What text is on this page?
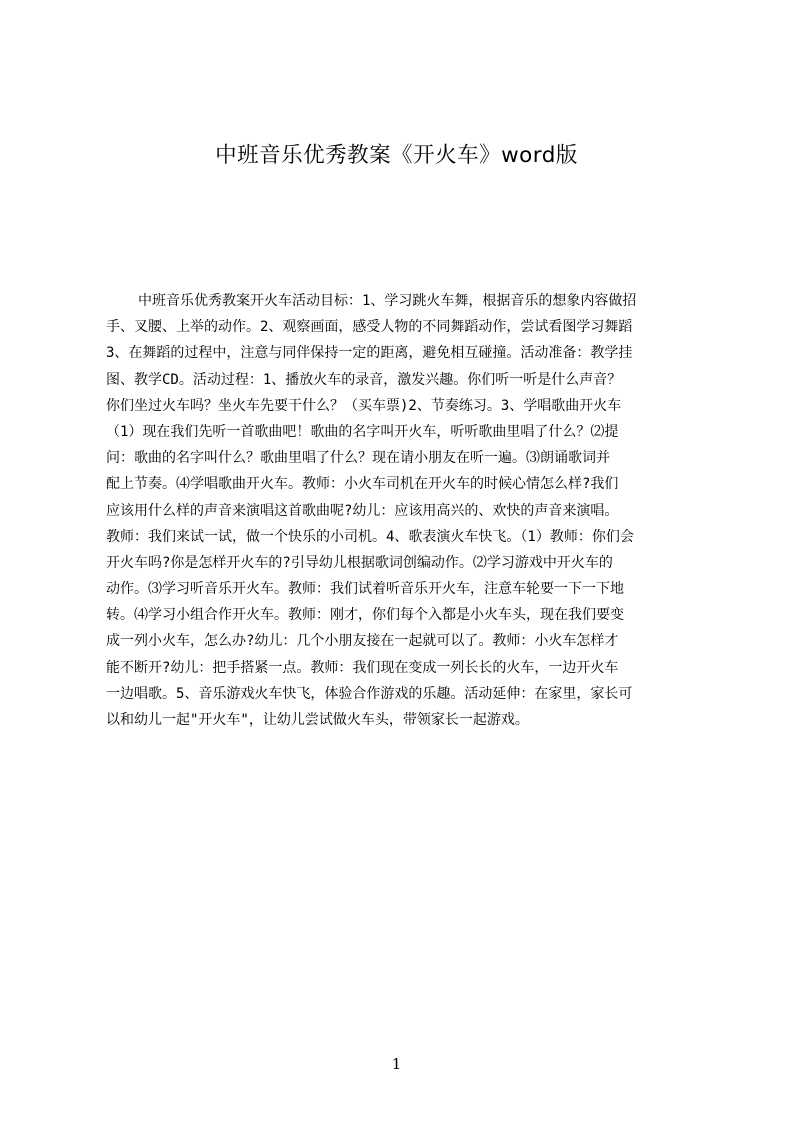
中班音乐优秀教案《开火车》word版
中班音乐优秀教案开火车活动目标：1、学习跳火车舞，根据音乐的想象内容做招
手、叉腰、上举的动作。2、观察画面，感受人物的不同舞蹈动作，尝试看图学习舞蹈
3、在舞蹈的过程中，注意与同伴保持一定的距离，避免相互碰撞。活动准备：教学挂
图、教学CD。活动过程：1、播放火车的录音，激发兴趣。你们听一听是什么声音？
你们坐过火车吗？坐火车先要干什么？（买车票)2、节奏练习。3、学唱歌曲开火车
（1）现在我们先听一首歌曲吧！歌曲的名字叫开火车，听听歌曲里唱了什么？⑵提
问：歌曲的名字叫什么？歌曲里唱了什么？现在请小朋友在听一遍。⑶朗诵歌词并
配上节奏。⑷学唱歌曲开火车。教师：小火车司机在开火车的时候心情怎么样?我们
应该用什么样的声音来演唱这首歌曲呢?幼儿：应该用高兴的、欢快的声音来演唱。
教师：我们来试一试，做一个快乐的小司机。4、歌表演火车快飞。（1）教师：你们会
开火车吗?你是怎样开火车的?引导幼儿根据歌词创编动作。⑵学习游戏中开火车的
动作。⑶学习听音乐开火车。教师：我们试着听音乐开火车，注意车轮要一下一下地
转。⑷学习小组合作开火车。教师：刚才，你们每个入都是小火车头，现在我们要变
成一列小火车，怎么办?幼儿：几个小朋友接在一起就可以了。教师：小火车怎样才
能不断开?幼儿：把手搭紧一点。教师：我们现在变成一列长长的火车，一边开火车
一边唱歌。5、音乐游戏火车快飞，体验合作游戏的乐趣。活动延伸：在家里，家长可
以和幼儿一起"开火车"，让幼儿尝试做火车头，带领家长一起游戏。
1
